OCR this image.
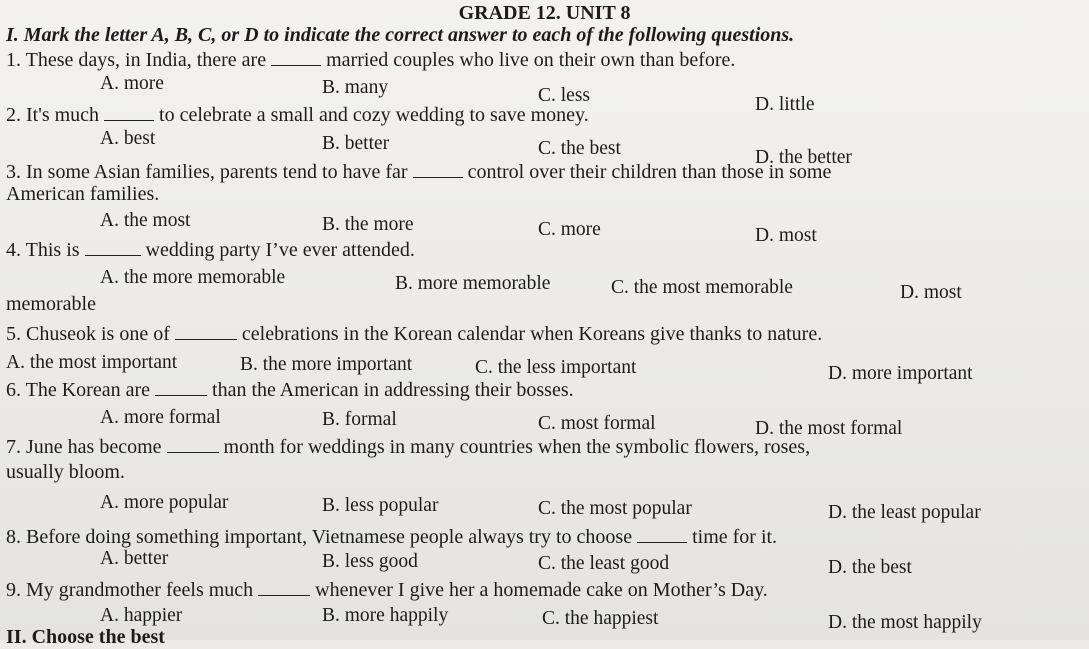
GRADE 12. UNIT 8
I. Mark the letter A, B, C, or D to indicate the correct answer to each of the following questions.
1. These days, in India, there are	married couples who live on their own than before.
A. more	B. many	C. less	D. little
2. It's much	to celebrate a small and cozy wedding to save money.
A. best	B. better	C. the best	D. the better
3. In some Asian families, parents tend to have far	control over their children than those in some
American families.
A. the most	B. the more	C. more	D. most
4. This is	wedding party I’ve ever attended.
A. the more memorable	B. more memorable	C. the most memorable	D. most
memorable
5. Chuseok is one of	celebrations in the Korean calendar when Koreans give thanks to nature.
A. the most important	B. the more important	C. the less important	D. more important
6. The Korean are	than the American in addressing their bosses.
A. more formal	B. formal	C. most formal	D. the most formal
7. June has become	month for weddings in many countries when the symbolic flowers, roses,
usually bloom.
A. more popular	B. less popular	C. the most popular	D. the least popular
8. Before doing something important, Vietnamese people always try to choose	time for it.
A. better	B. less good	C. the least good	D. the best
9. My grandmother feels much	whenever I give her a homemade cake on Mother’s Day.
A. happier	B. more happily	C. the happiest	D. the most happily
II. Choose the best
